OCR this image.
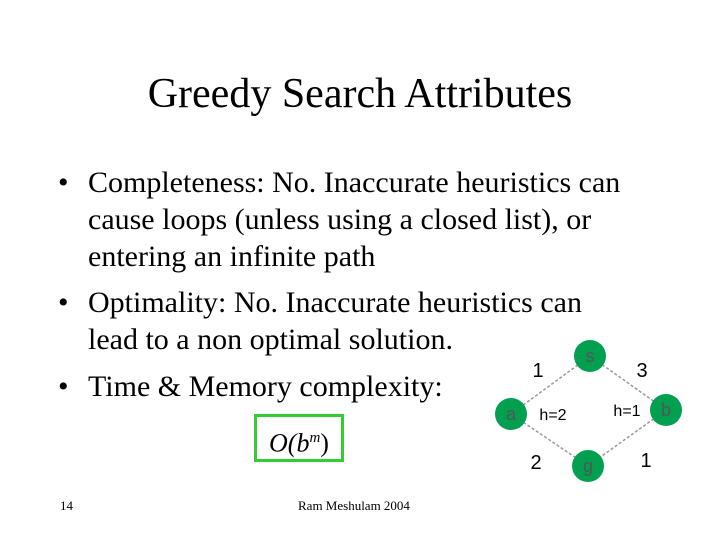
Greedy Search Attributes
• Completeness: No. Inaccurate heuristics can
cause loops (unless using a closed list), or
entering an infinite path
• Optimality: No. Inaccurate heuristics can
lead to a non optimal solution.
• Time & Memory complexity:
$O(b^m)$
s
a	b
g
1	3
2	1
h=2	h=1
14	Ram Meshulam 2004
